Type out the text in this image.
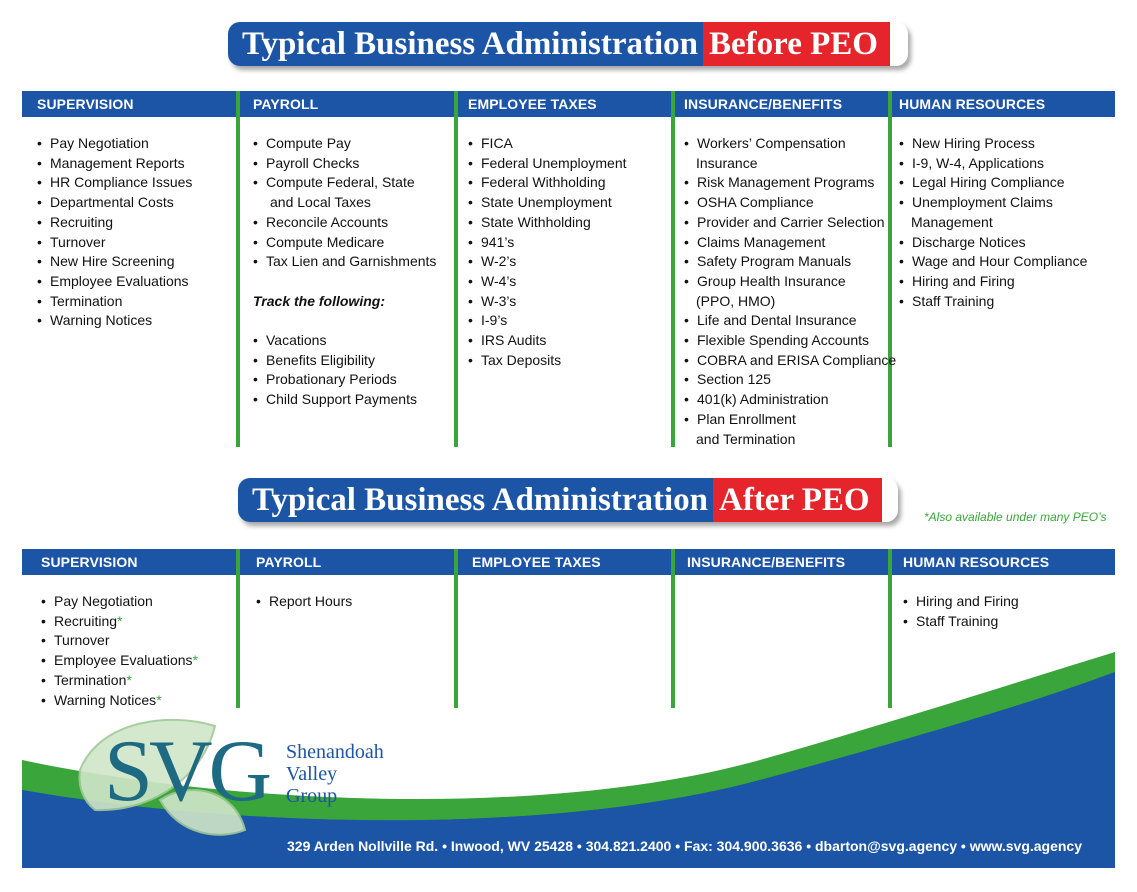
Typical Business Administration Before PEO
SUPERVISION	PAYROLL	EMPLOYEE TAXES	INSURANCE/BENEFITS	HUMAN RESOURCES
• Pay Negotiation
• Management Reports
• HR Compliance Issues
• Departmental Costs
• Recruiting
• Turnover
• New Hire Screening
• Employee Evaluations
• Termination
• Warning Notices
• Compute Pay
• Payroll Checks
• Compute Federal, State
and Local Taxes
• Reconcile Accounts
• Compute Medicare
• Tax Lien and Garnishments
Track the following:
• Vacations
• Benefits Eligibility
• Probationary Periods
• Child Support Payments
• FICA
• Federal Unemployment
• Federal Withholding
• State Unemployment
• State Withholding
• 941’s
• W-2’s
• W-4’s
• W-3’s
• I-9’s
• IRS Audits
• Tax Deposits
• Workers’ Compensation
Insurance
• Risk Management Programs
• OSHA Compliance
• Provider and Carrier Selection
• Claims Management
• Safety Program Manuals
• Group Health Insurance
(PPO, HMO)
• Life and Dental Insurance
• Flexible Spending Accounts
• COBRA and ERISA Compliance
• Section 125
• 401(k) Administration
• Plan Enrollment
and Termination
• New Hiring Process
• I-9, W-4, Applications
• Legal Hiring Compliance
• Unemployment Claims
Management
• Discharge Notices
• Wage and Hour Compliance
• Hiring and Firing
• Staff Training
Typical Business Administration After PEO	*Also available under many PEO’s
SUPERVISION	PAYROLL	EMPLOYEE TAXES	INSURANCE/BENEFITS	HUMAN RESOURCES
• Pay Negotiation
• Recruiting*
• Turnover
• Employee Evaluations*
• Termination*
• Warning Notices*
• Report Hours
•	Hiring and Firing
• Staff Training
SVG Shenandoah
Valley
Group
329 Arden Nollville Rd. • Inwood, WV 25428 • 304.821.2400 • Fax: 304.900.3636 • dbarton@svg.agency • www.svg.agency
